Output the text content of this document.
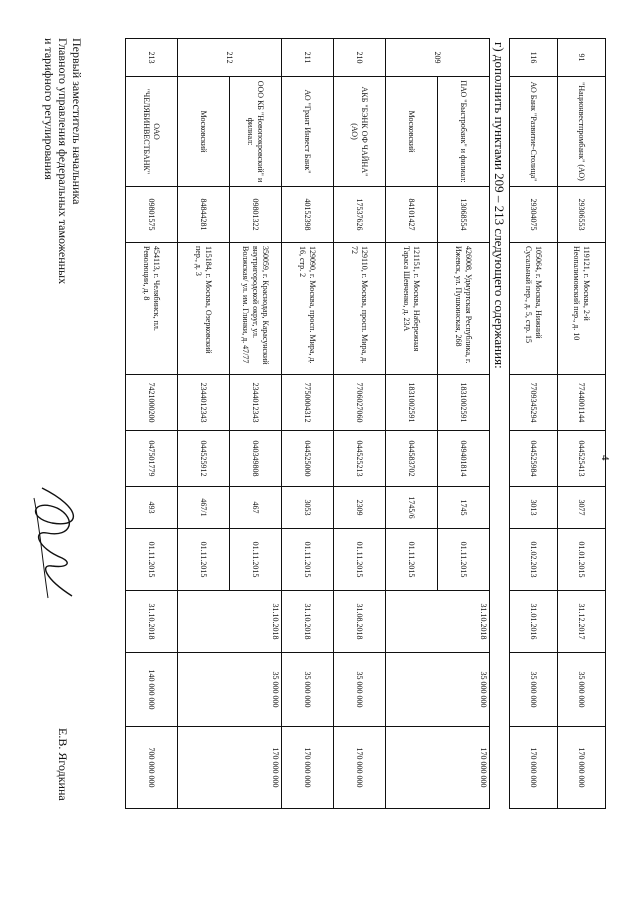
4
91	"Национвестпромбанк" (АО)	29306553	119121, г. Москва, 2-й Неопалимовский пер., д. 10	7744001144	044525413	3077	01.01.2015	31.12.2017	35 000 000	170 000 000
116	АО Банк "Развитие-Столица"	29304075	105064, г. Москва, Нижний Сусальный пер., д. 5, стр. 15	7709345294	044525984	3013	01.02.2013	31.01.2016	35 000 000	170 000 000
г) дополнить пунктами 209 – 213 следующего содержания:
209	ПАО "Быстробанк" и филиал:	13068554	426008, Удмуртская Республика, г. Ижевск, ул. Пушкинская, 268	1831002591	049401814	1745	01.11.2015	31.10.2018	35 000 000	170 000 000
	Московский	84101427	121151, г. Москва, Набережная Тараса Шевченко, д. 23А	1831002591	044583702	1745/6	01.11.2015			
210	АКБ "БЭНК ОФ ЧАЙНА" (АО)	17537626	129110, г. Москва, просп. Мира, д. 72	7706027060	044525213	2309	01.11.2015	31.08.2018	35 000 000	170 000 000
211	АО "Грант Инвест Банк"	40152398	129090, г. Москва, просп. Мира, д. 16, стр. 2	7750004312	044525000	3053	01.11.2015	31.10.2018	35 000 000	170 000 000
212	ООО КБ "Новопокровский" и филиал:	09801322	350059, г. Краснодар, Карасунский внутригородской округ, ул. Волжская/ ул. им. Глинки, д. 47/77	2344012343	040349808	467	01.11.2015	31.10.2018	35 000 000	170 000 000
	Московский	84844281	115184, г. Москва, Озерковский пер., д. 3	2344012343	044525912	467/1	01.11.2015			
213	ОАО "ЧЕЛЯБИНВЕСТБАНК"	09801575	454113, г. Челябинск, пл. Революции, д. 8	7421000200	047501779	493	01.11.2015	31.10.2018	140 000 000	700 000 000
Первый заместитель начальника
Главного управления федеральных таможенных
и тарифного регулирования
Е.В. Ягодкина
